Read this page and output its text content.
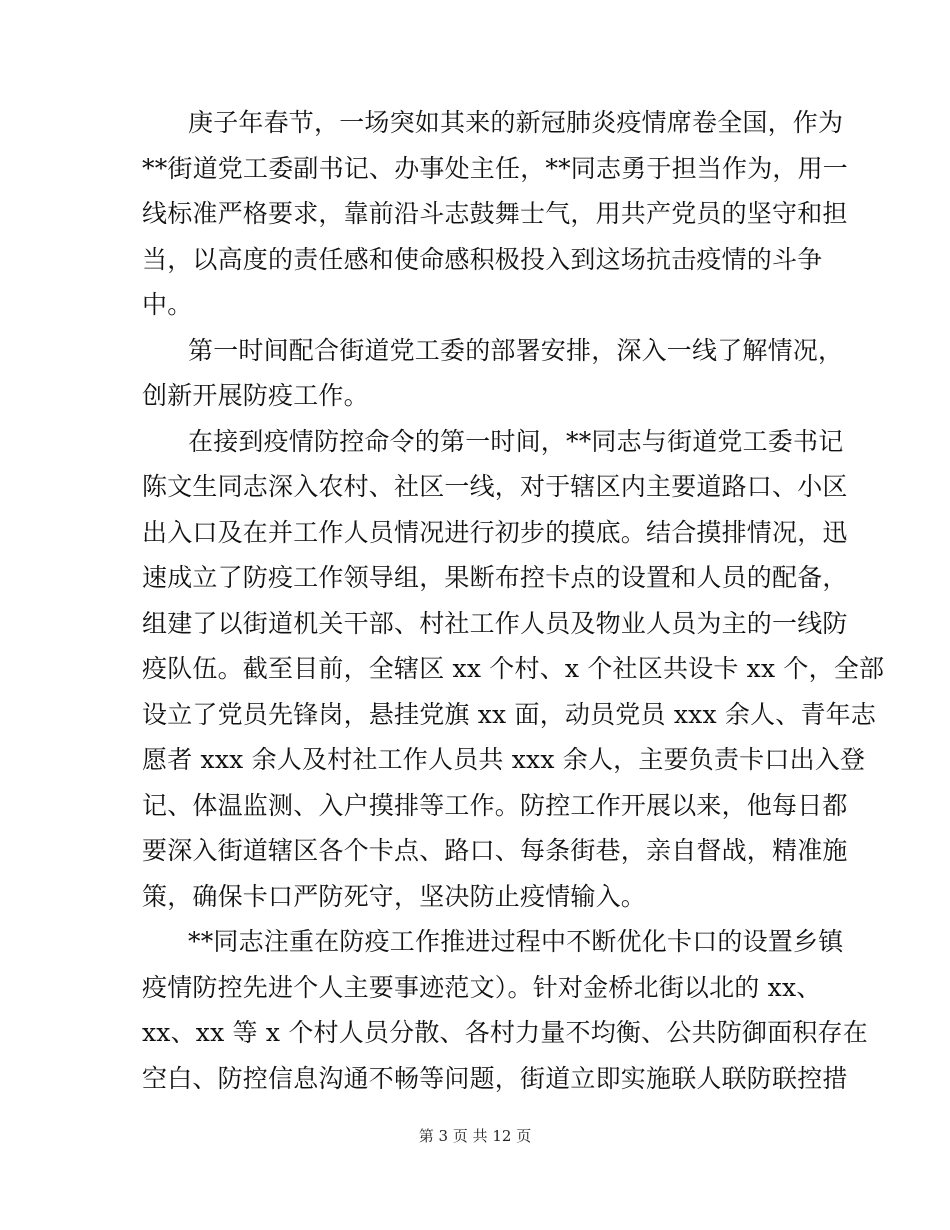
庚子年春节，一场突如其来的新冠肺炎疫情席卷全国，作为
**街道党工委副书记、办事处主任，**同志勇于担当作为，用一
线标准严格要求，靠前沿斗志鼓舞士气，用共产党员的坚守和担
当，以高度的责任感和使命感积极投入到这场抗击疫情的斗争
中。

第一时间配合街道党工委的部署安排，深入一线了解情况，
创新开展防疫工作。

在接到疫情防控命令的第一时间，**同志与街道党工委书记
陈文生同志深入农村、社区一线，对于辖区内主要道路口、小区
出入口及在并工作人员情况进行初步的摸底。结合摸排情况，迅
速成立了防疫工作领导组，果断布控卡点的设置和人员的配备，
组建了以街道机关干部、村社工作人员及物业人员为主的一线防
疫队伍。截至目前，全辖区 xx 个村、x 个社区共设卡 xx 个，全部
设立了党员先锋岗，悬挂党旗 xx 面，动员党员 xxx 余人、青年志
愿者 xxx 余人及村社工作人员共 xxx 余人，主要负责卡口出入登
记、体温监测、入户摸排等工作。防控工作开展以来，他每日都
要深入街道辖区各个卡点、路口、每条街巷，亲自督战，精准施
策，确保卡口严防死守，坚决防止疫情输入。

**同志注重在防疫工作推进过程中不断优化卡口的设置乡镇
疫情防控先进个人主要事迹范文）。针对金桥北街以北的 xx、
xx、xx 等 x 个村人员分散、各村力量不均衡、公共防御面积存在
空白、防控信息沟通不畅等问题，街道立即实施联人联防联控措

第 3 页 共 12 页
